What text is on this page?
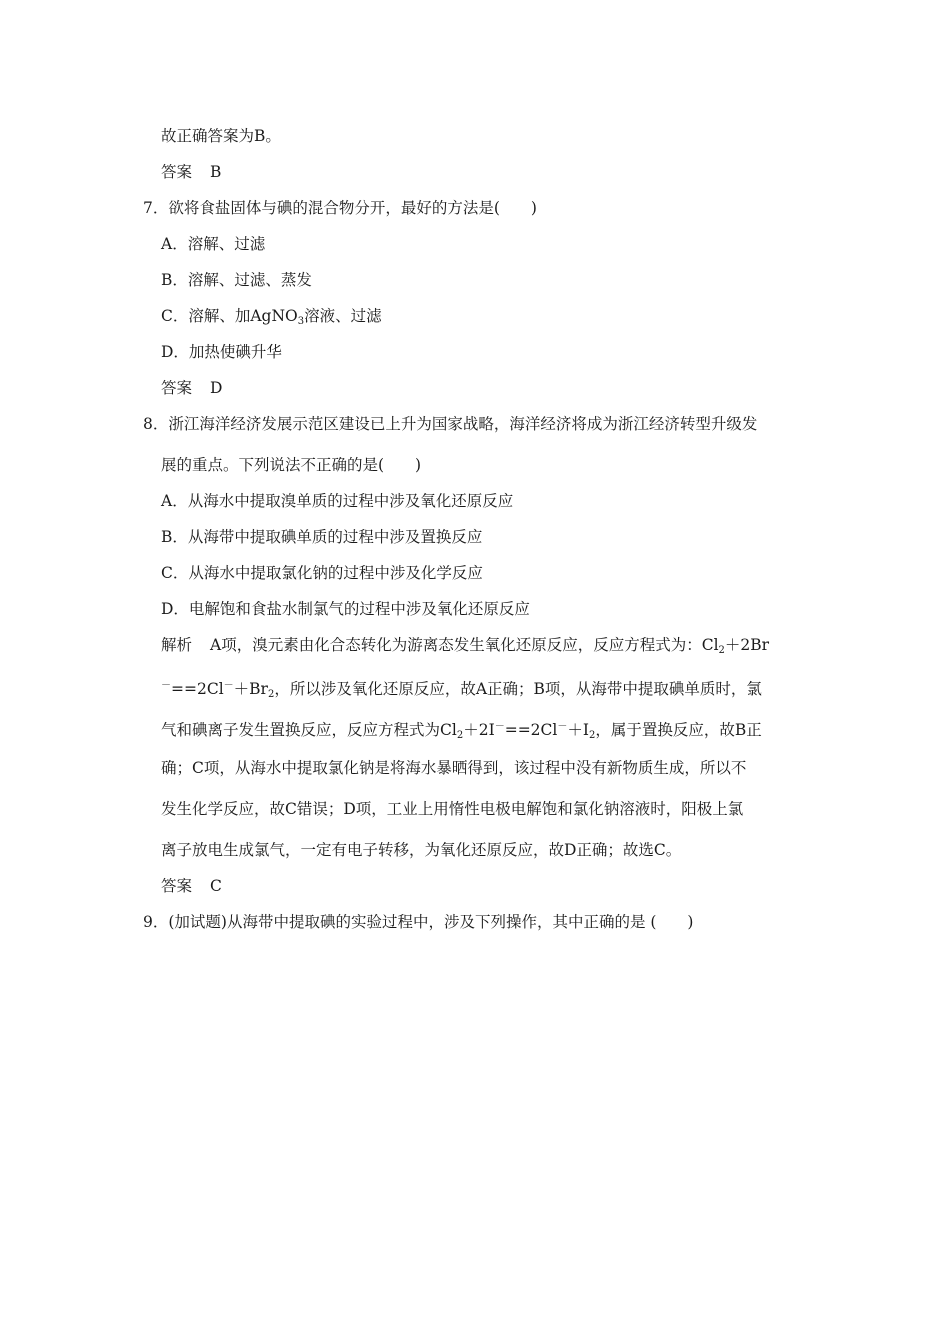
故正确答案为B。
答案 B
7．欲将食盐固体与碘的混合物分开，最好的方法是(　　)
A．溶解、过滤
B．溶解、过滤、蒸发
C．溶解、加AgNO$_3$溶液、过滤
D．加热使碘升华
答案 D
8．浙江海洋经济发展示范区建设已上升为国家战略，海洋经济将成为浙江经济转型升级发
展的重点。下列说法不正确的是(　　)
A．从海水中提取溴单质的过程中涉及氧化还原反应
B．从海带中提取碘单质的过程中涉及置换反应
C．从海水中提取氯化钠的过程中涉及化学反应
D．电解饱和食盐水制氯气的过程中涉及氧化还原反应
解析 A项，溴元素由化合态转化为游离态发生氧化还原反应，反应方程式为：$Cl_2+2Br$
$^-==2Cl^-+Br_2$，所以涉及氧化还原反应，故A正确；B项，从海带中提取碘单质时，氯
气和碘离子发生置换反应，反应方程式为$Cl_2+2I^-==2Cl^-+I_2$，属于置换反应，故B正
确；C项，从海水中提取氯化钠是将海水暴晒得到，该过程中没有新物质生成，所以不
发生化学反应，故C错误；D项，工业上用惰性电极电解饱和氯化钠溶液时，阳极上氯
离子放电生成氯气，一定有电子转移，为氧化还原反应，故D正确；故选C。
答案 C
9．(加试题)从海带中提取碘的实验过程中，涉及下列操作，其中正确的是 (　　)
